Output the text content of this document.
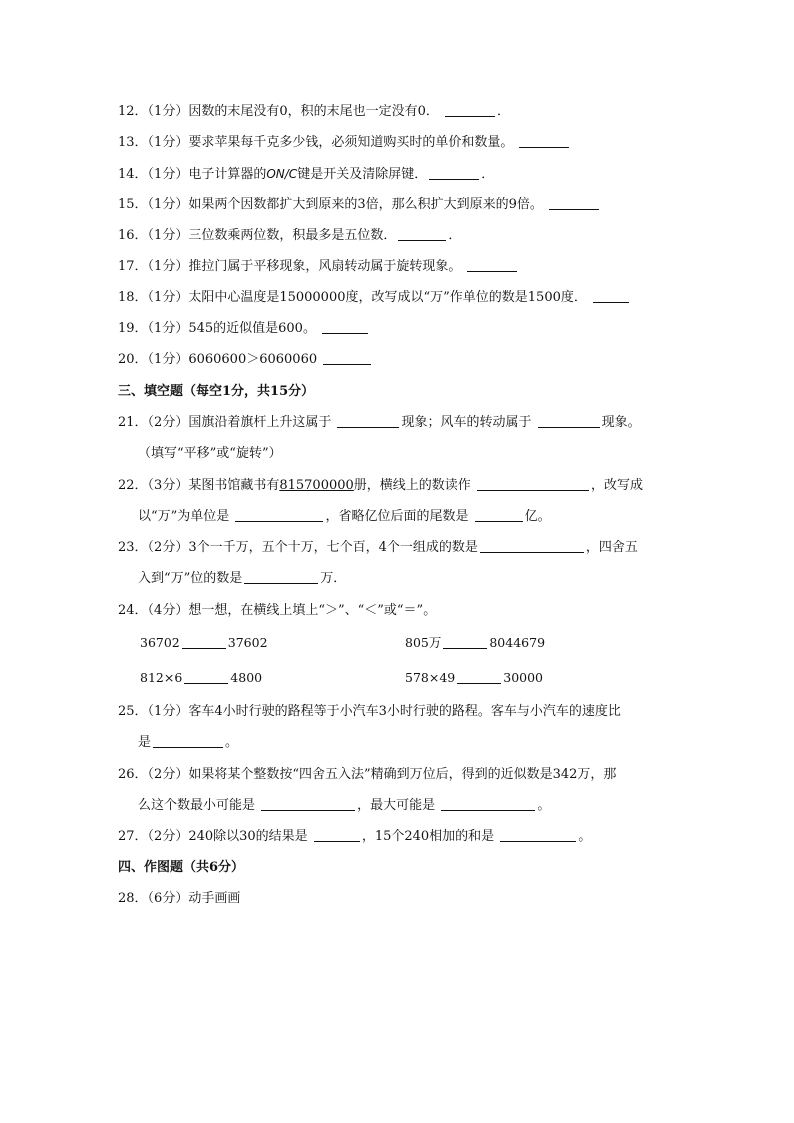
12．（1分）因数的末尾没有0，积的末尾也一定没有0．	．
13．（1分）要求苹果每千克多少钱，必须知道购买时的单价和数量。
14．（1分）电子计算器的ON/C键是开关及清除屏键．	．
15．（1分）如果两个因数都扩大到原来的3倍，那么积扩大到原来的9倍。
16．（1分）三位数乘两位数，积最多是五位数．	．
17．（1分）推拉门属于平移现象，风扇转动属于旋转现象。
18．（1分）太阳中心温度是15000000度，改写成以“万”作单位的数是1500度．
19．（1分）545的近似值是600。
20．（1分）6060600＞6060060
三、填空题（每空1分，共15分）
21．（2分）国旗沿着旗杆上升这属于	现象；风车的转动属于	现象。
（填写“平移”或“旋转”）
22．（3分）某图书馆藏书有815700000册，横线上的数读作	，改写成
以“万”为单位是	，省略亿位后面的尾数是	亿。
23．（2分）3个一千万，五个十万，七个百，4个一组成的数是	，四舍五
入到“万”位的数是	万．
24．（4分）想一想，在横线上填上“＞”、“＜”或“＝”。
36702	37602	805万	8044679
812×6	4800	578×49	30000
25．（1分）客车4小时行驶的路程等于小汽车3小时行驶的路程。客车与小汽车的速度比
是	。
26．（2分）如果将某个整数按“四舍五入法”精确到万位后，得到的近似数是342万，那
么这个数最小可能是	，最大可能是	。
27．（2分）240除以30的结果是	，15个240相加的和是	。
四、作图题（共6分）
28．（6分）动手画画
